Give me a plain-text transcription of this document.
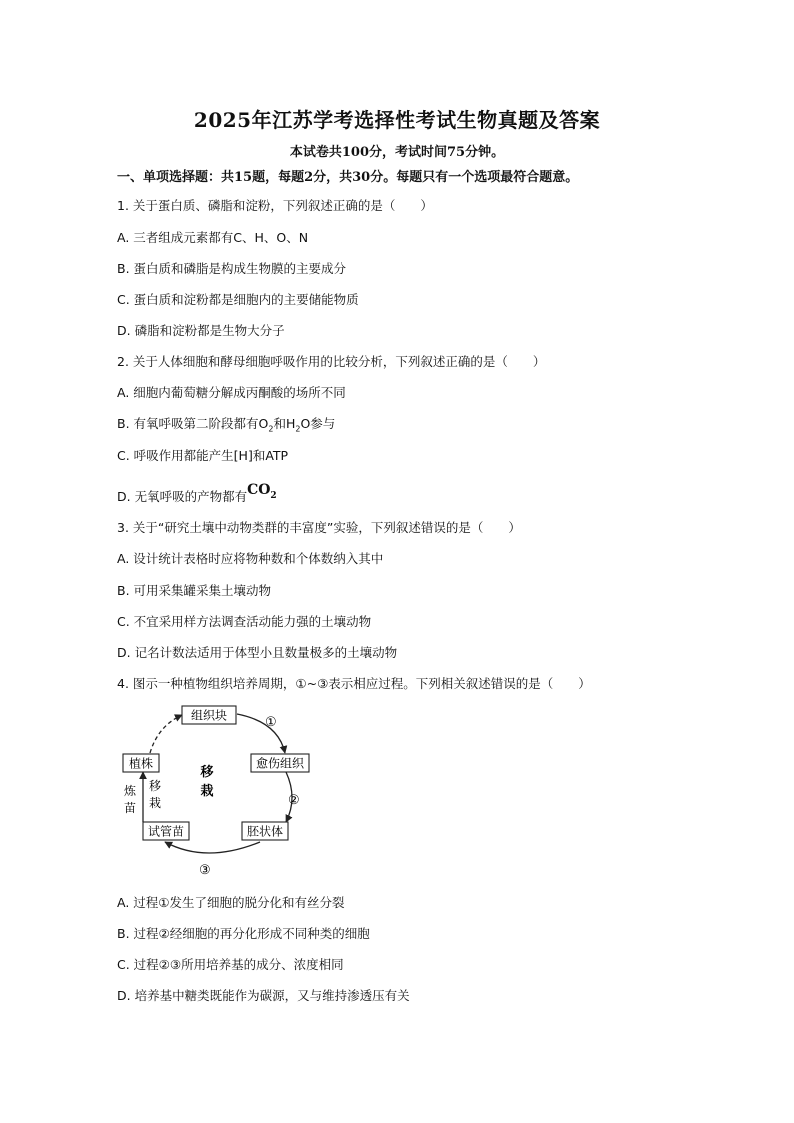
2025年江苏学考选择性考试生物真题及答案
本试卷共100分，考试时间75分钟。
一、单项选择题：共15题，每题2分，共30分。每题只有一个选项最符合题意。
1. 关于蛋白质、磷脂和淀粉，下列叙述正确的是（　　）
A. 三者组成元素都有C、H、O、N
B. 蛋白质和磷脂是构成生物膜的主要成分
C. 蛋白质和淀粉都是细胞内的主要储能物质
D. 磷脂和淀粉都是生物大分子
2. 关于人体细胞和酵母细胞呼吸作用的比较分析，下列叙述正确的是（　　）
A. 细胞内葡萄糖分解成丙酮酸的场所不同
B. 有氧呼吸第二阶段都有$O_2$和$H_2O$参与
C. 呼吸作用都能产生[H]和ATP
D. 无氧呼吸的产物都有$CO_2$
3. 关于“研究土壤中动物类群的丰富度”实验，下列叙述错误的是（　　）
A. 设计统计表格时应将物种数和个体数纳入其中
B. 可用采集罐采集土壤动物
C. 不宜采用样方法调查活动能力强的土壤动物
D. 记名计数法适用于体型小且数量极多的土壤动物
4. 图示一种植物组织培养周期，①~③表示相应过程。下列相关叙述错误的是（　　）
组织块
愈伤组织
胚状体
试管苗
植株
①
②
③
移
栽
炼
苗
移
栽
A. 过程①发生了细胞的脱分化和有丝分裂
B. 过程②经细胞的再分化形成不同种类的细胞
C. 过程②③所用培养基的成分、浓度相同
D. 培养基中糖类既能作为碳源，又与维持渗透压有关
